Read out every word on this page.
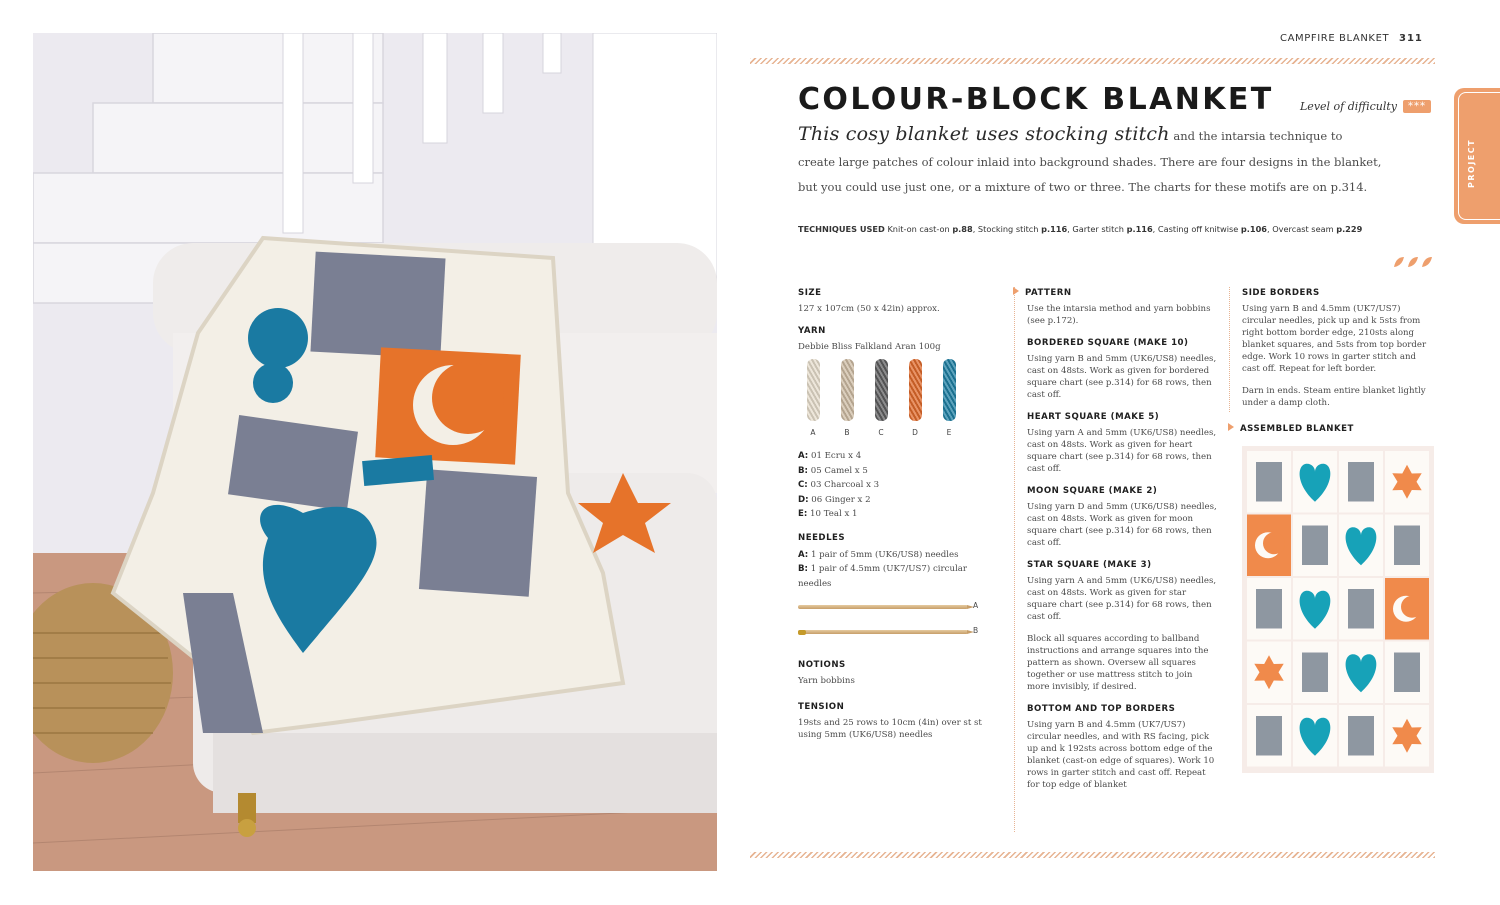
CAMPFIRE BLANKET 311
COLOUR-BLOCK BLANKET Level of difficulty	***
PROJECT

This cosy blanket uses stocking stitch and the intarsia technique to create large patches of colour inlaid into background shades. There are four designs in the blanket, but you could use just one, or a mixture of two or three. The charts for these motifs are on p.314.

TECHNIQUES USED Knit-on cast-on p.88, Stocking stitch p.116, Garter stitch p.116, Casting off knitwise p.106, Overcast seam p.229
SIZE

127 x 107cm (50 x 42in) approx.

YARN
Debbie Bliss Falkland Aran 100g
A	B	C	D	E
A: 01 Ecru x 4
B: 05 Camel x 5
C: 03 Charcoal x 3
D: 06 Ginger x 2
E: 10 Teal x 1
NEEDLES
A: 1 pair of 5mm (UK6/US8) needles
B: 1 pair of 4.5mm (UK7/US7) circular needles
A
B
NOTIONS

Yarn bobbins

TENSION

19sts and 25 rows to 10cm (4in) over st st using 5mm (UK6/US8) needles

PATTERN

Use the intarsia method and yarn bobbins (see p.172).

BORDERED SQUARE (MAKE 10)

Using yarn B and 5mm (UK6/US8) needles, cast on 48sts. Work as given for bordered square chart (see p.314) for 68 rows, then cast off.

HEART SQUARE (MAKE 5)

Using yarn A and 5mm (UK6/US8) needles, cast on 48sts. Work as given for heart square chart (see p.314) for 68 rows, then cast off.

MOON SQUARE (MAKE 2)

Using yarn D and 5mm (UK6/US8) needles, cast on 48sts. Work as given for moon square chart (see p.314) for 68 rows, then cast off.

STAR SQUARE (MAKE 3)

Using yarn A and 5mm (UK6/US8) needles, cast on 48sts. Work as given for star square chart (see p.314) for 68 rows, then cast off.

Block all squares according to ballband instructions and arrange squares into the pattern as shown. Oversew all squares together or use mattress stitch to join more invisibly, if desired.

BOTTOM AND TOP BORDERS

Using yarn B and 4.5mm (UK7/US7) circular needles, and with RS facing, pick up and k 192sts across bottom edge of the blanket (cast-on edge of squares). Work 10 rows in garter stitch and cast off. Repeat for top edge of blanket

SIDE BORDERS

Using yarn B and 4.5mm (UK7/US7) circular needles, pick up and k 5sts from right bottom border edge, 210sts along blanket squares, and 5sts from top border edge. Work 10 rows in garter stitch and cast off. Repeat for left border.

Darn in ends. Steam entire blanket lightly under a damp cloth.

ASSEMBLED BLANKET
